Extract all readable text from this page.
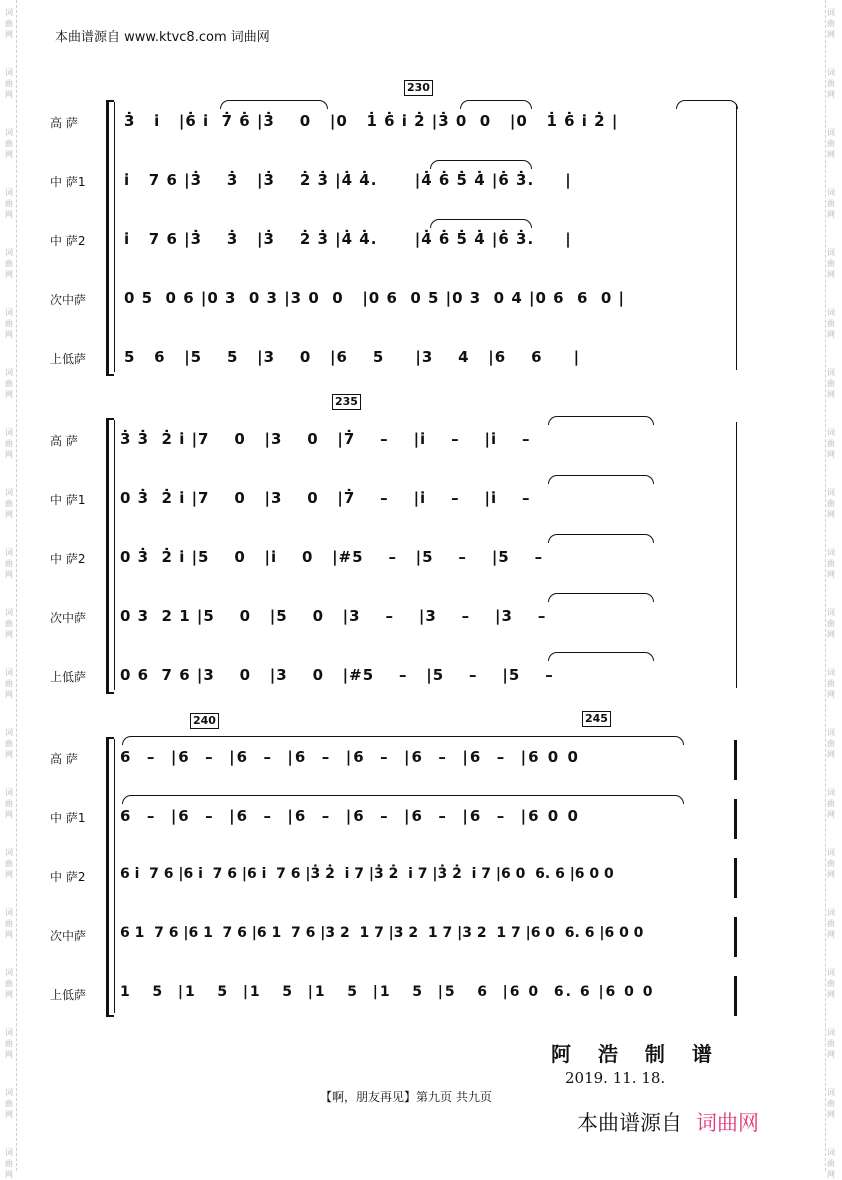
词
曲
网
词
曲
网
词
曲
网
词
曲
网
词
曲
网
词
曲
网
词
曲
网
词
曲
网
词
曲
网
词
曲
网
词
曲
网
词
曲
网
词
曲
网
词
曲
网
词
曲
网
词
曲
网
词
曲
网
词
曲
网
词
曲
网
词
曲
网
词
曲
网
词
曲
网
词
曲
网
词
曲
网
词
曲
网
词
曲
网
词
曲
网
词
曲
网
词
曲
网
词
曲
网
词
曲
网
词
曲
网
词
曲
网
词
曲
网
词
曲
网
词
曲
网
词
曲
网
词
曲
网
词
曲
网
词
曲
网
本曲谱源自 www.ktvc8.com 词曲网
230
高 萨
中 萨1
中 萨2
次中萨
上低萨
3̇   i̇   |6̇ i̇  7̇ 6̇ |3̇    0   |0   1̇ 6̇ i̇ 2̇ |3̇ 0  0   |0   1̇ 6̇ i̇ 2̇ |
i̇   7 6 |3̇    3̇   |3̇    2̇ 3̇ |4̇ 4̇.      |4̇ 6̇ 5̇ 4̇ |6̇ 3̇.     |
i̇   7 6 |3̇    3̇   |3̇    2̇ 3̇ |4̇ 4̇.      |4̇ 6̇ 5̇ 4̇ |6̇ 3̇.     |
0 5  0 6 |0 3  0 3 |3 0  0   |0 6  0 5 |0 3  0 4 |0 6  6  0 |
5   6   |5    5   |3    0   |6    5     |3    4   |6    6     |
235
高 萨
中 萨1
中 萨2
次中萨
上低萨
3̇ 3̇  2̇ i̇ |7    0   |3    0   |7̇    –    |i̇    –    |i̇    –
0 3̇  2̇ i̇ |7    0   |3    0   |7̇    –    |i̇    –    |i̇    –
0 3̇  2̇ i̇ |5    0   |i    0   |#5    –   |5    –    |5    –
0 3  2 1 |5    0   |5    0   |3    –    |3    –    |3    –
0 6  7 6 |3    0   |3    0   |#5    –   |5    –    |5    –
240	245
高 萨
中 萨1
中 萨2
次中萨
上低萨
6  –  |6  –  |6  –  |6  –  |6  –  |6  –  |6  –  |6 0 0
6  –  |6  –  |6  –  |6  –  |6  –  |6  –  |6  –  |6 0 0
6 i̇  7 6 |6 i̇  7 6 |6 i̇  7 6 |3̇ 2̇  i̇ 7 |3̇ 2̇  i̇ 7 |3̇ 2̇  i̇ 7 |6 0  6. 6 |6 0 0
6 1  7 6 |6 1  7 6 |6 1  7 6 |3 2  1 7 |3 2  1 7 |3 2  1 7 |6 0  6. 6 |6 0 0
1   5  |1   5  |1   5  |1   5  |1   5  |5   6  |6 0  6. 6 |6 0 0
阿 浩 制 谱
2019. 11. 18.
【啊，朋友再见】第九页 共九页
本曲谱源自 词曲网
